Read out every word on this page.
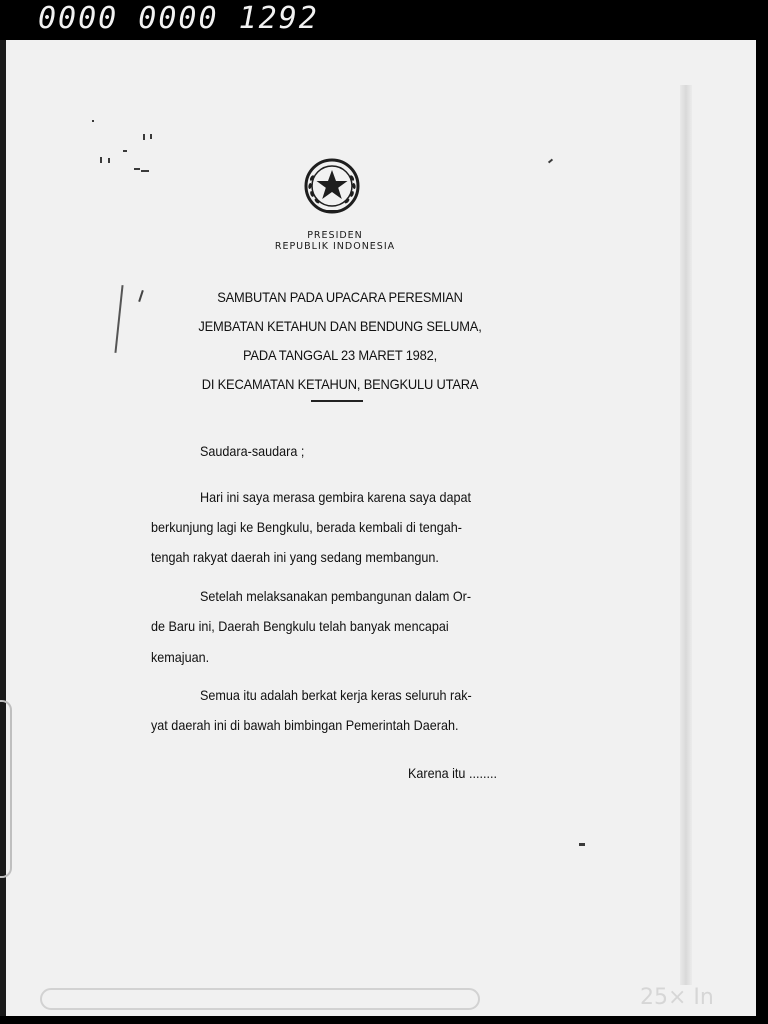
0000 0000 1292
25× In
PRESIDEN
REPUBLIK INDONESIA
SAMBUTAN PADA UPACARA PERESMIAN
JEMBATAN KETAHUN DAN BENDUNG SELUMA,
PADA TANGGAL 23 MARET 1982,
DI KECAMATAN KETAHUN, BENGKULU UTARA
Saudara-saudara ;
Hari ini saya merasa gembira karena saya dapat
berkunjung lagi ke Bengkulu, berada kembali di tengah-
tengah rakyat daerah ini yang sedang membangun.
Setelah melaksanakan pembangunan dalam Or-
de Baru ini, Daerah Bengkulu telah banyak mencapai
kemajuan.
Semua itu adalah berkat kerja keras seluruh rak-
yat daerah ini di bawah bimbingan Pemerintah Daerah.
Karena itu ........
